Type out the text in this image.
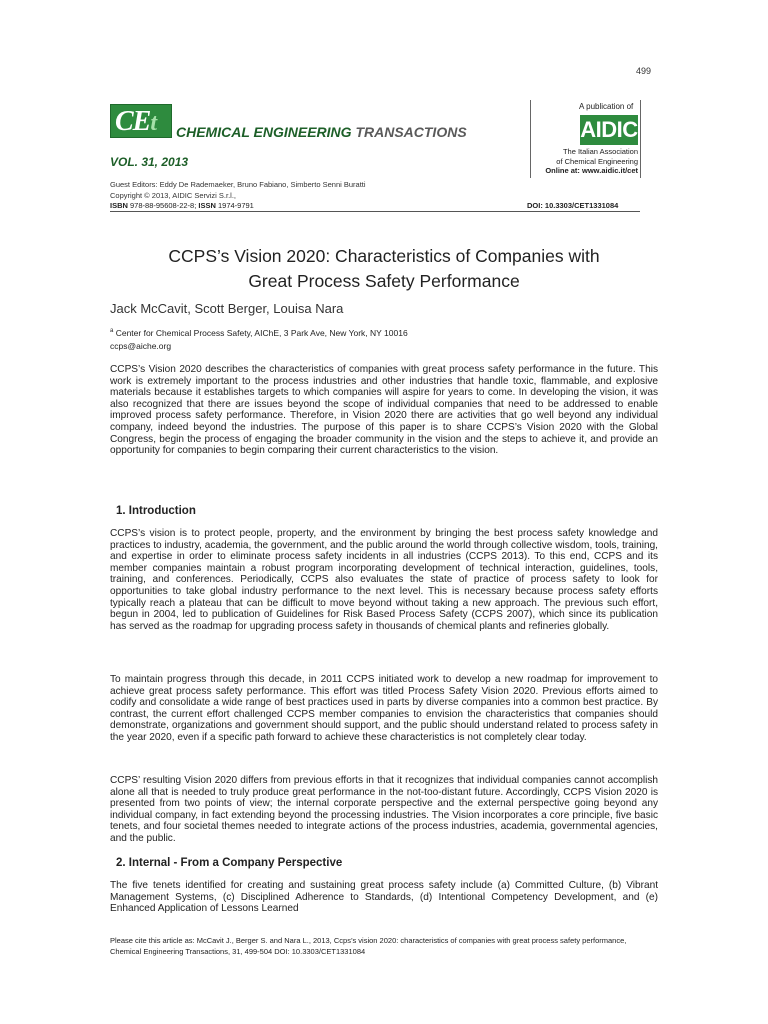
499
CEt	CHEMICAL ENGINEERING TRANSACTIONS
VOL. 31, 2013
Guest Editors: Eddy De Rademaeker, Bruno Fabiano, Simberto Senni Buratti
Copyright © 2013, AIDIC Servizi S.r.l.,
ISBN 978-88-95608-22-8; ISSN 1974-9791	DOI: 10.3303/CET1331084
A publication of
AIDIC
The Italian Association
of Chemical Engineering
Online at: www.aidic.it/cet
CCPS’s Vision 2020: Characteristics of Companies with
Great Process Safety Performance
Jack McCavit, Scott Berger, Louisa Nara
$^a$ Center for Chemical Process Safety, AIChE, 3 Park Ave, New York, NY 10016
ccps@aiche.org
CCPS’s Vision 2020 describes the characteristics of companies with great process safety performance in the future. This work is extremely important to the process industries and other industries that handle toxic, flammable, and explosive materials because it establishes targets to which companies will aspire for years to come. In developing the vision, it was also recognized that there are issues beyond the scope of individual companies that need to be addressed to enable improved process safety performance. Therefore, in Vision 2020 there are activities that go well beyond any individual company, indeed beyond the industries. The purpose of this paper is to share CCPS’s Vision 2020 with the Global Congress, begin the process of engaging the broader community in the vision and the steps to achieve it, and provide an opportunity for companies to begin comparing their current characteristics to the vision.
1. Introduction
CCPS’s vision is to protect people, property, and the environment by bringing the best process safety knowledge and practices to industry, academia, the government, and the public around the world through collective wisdom, tools, training, and expertise in order to eliminate process safety incidents in all industries (CCPS 2013). To this end, CCPS and its member companies maintain a robust program incorporating development of technical interaction, guidelines, tools, training, and conferences. Periodically, CCPS also evaluates the state of practice of process safety to look for opportunities to take global industry performance to the next level. This is necessary because process safety efforts typically reach a plateau that can be difficult to move beyond without taking a new approach. The previous such effort, begun in 2004, led to publication of Guidelines for Risk Based Process Safety (CCPS 2007), which since its publication has served as the roadmap for upgrading process safety in thousands of chemical plants and refineries globally.
To maintain progress through this decade, in 2011 CCPS initiated work to develop a new roadmap for improvement to achieve great process safety performance. This effort was titled Process Safety Vision 2020. Previous efforts aimed to codify and consolidate a wide range of best practices used in parts by diverse companies into a common best practice. By contrast, the current effort challenged CCPS member companies to envision the characteristics that companies should demonstrate, organizations and government should support, and the public should understand related to process safety in the year 2020, even if a specific path forward to achieve these characteristics is not completely clear today.
CCPS’ resulting Vision 2020 differs from previous efforts in that it recognizes that individual companies cannot accomplish alone all that is needed to truly produce great performance in the not-too-distant future. Accordingly, CCPS Vision 2020 is presented from two points of view; the internal corporate perspective and the external perspective going beyond any individual company, in fact extending beyond the processing industries. The Vision incorporates a core principle, five basic tenets, and four societal themes needed to integrate actions of the process industries, academia, governmental agencies, and the public.
2. Internal - From a Company Perspective
The five tenets identified for creating and sustaining great process safety include (a) Committed Culture, (b) Vibrant Management Systems, (c) Disciplined Adherence to Standards, (d) Intentional Competency Development, and (e) Enhanced Application of Lessons Learned
Please cite this article as: McCavit J., Berger S. and Nara L., 2013, Ccps’s vision 2020: characteristics of companies with great process safety performance, Chemical Engineering Transactions, 31, 499-504 DOI: 10.3303/CET1331084
